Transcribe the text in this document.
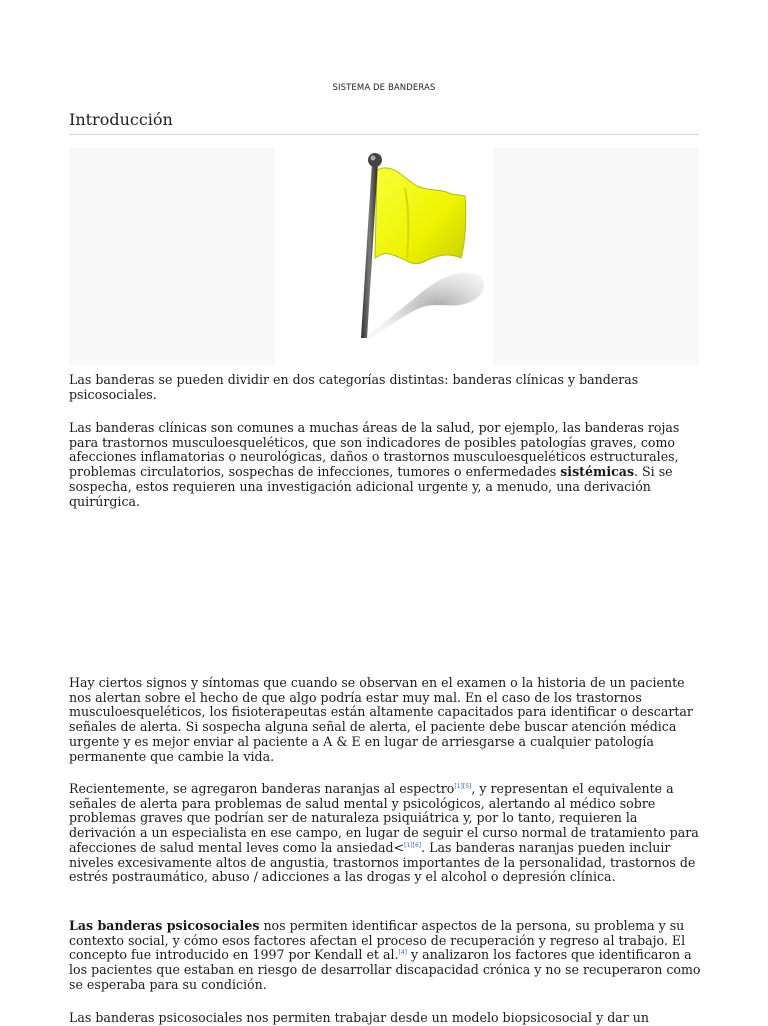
SISTEMA DE BANDERAS
Introducción

Las banderas se pueden dividir en dos categorías distintas: banderas clínicas y banderas psicosociales.

Las banderas clínicas son comunes a muchas áreas de la salud, por ejemplo, las banderas rojas para trastornos musculoesqueléticos, que son indicadores de posibles patologías graves, como afecciones inflamatorias o neurológicas, daños o trastornos musculoesqueléticos estructurales, problemas circulatorios, sospechas de infecciones, tumores o enfermedades sistémicas. Si se sospecha, estos requieren una investigación adicional urgente y, a menudo, una derivación quirúrgica.

Hay ciertos signos y síntomas que cuando se observan en el examen o la historia de un paciente nos alertan sobre el hecho de que algo podría estar muy mal. En el caso de los trastornos musculoesqueléticos, los fisioterapeutas están altamente capacitados para identificar o descartar señales de alerta. Si sospecha alguna señal de alerta, el paciente debe buscar atención médica urgente y es mejor enviar al paciente a A & E en lugar de arriesgarse a cualquier patología permanente que cambie la vida.

Recientemente, se agregaron banderas naranjas al espectro[1][5], y representan el equivalente a señales de alerta para problemas de salud mental y psicológicos, alertando al médico sobre problemas graves que podrían ser de naturaleza psiquiátrica y, por lo tanto, requieren la derivación a un especialista en ese campo, en lugar de seguir el curso normal de tratamiento para afecciones de salud mental leves como la ansiedad<[1][6]. Las banderas naranjas pueden incluir niveles excesivamente altos de angustia, trastornos importantes de la personalidad, trastornos de estrés postraumático, abuso / adicciones a las drogas y el alcohol o depresión clínica.

Las banderas psicosociales nos permiten identificar aspectos de la persona, su problema y su contexto social, y cómo esos factores afectan el proceso de recuperación y regreso al trabajo. El concepto fue introducido en 1997 por Kendall et al.[4] y analizaron los factores que identificaron a los pacientes que estaban en riesgo de desarrollar discapacidad crónica y no se recuperaron como se esperaba para su condición.

Las banderas psicosociales nos permiten trabajar desde un modelo biopsicosocial y dar un
